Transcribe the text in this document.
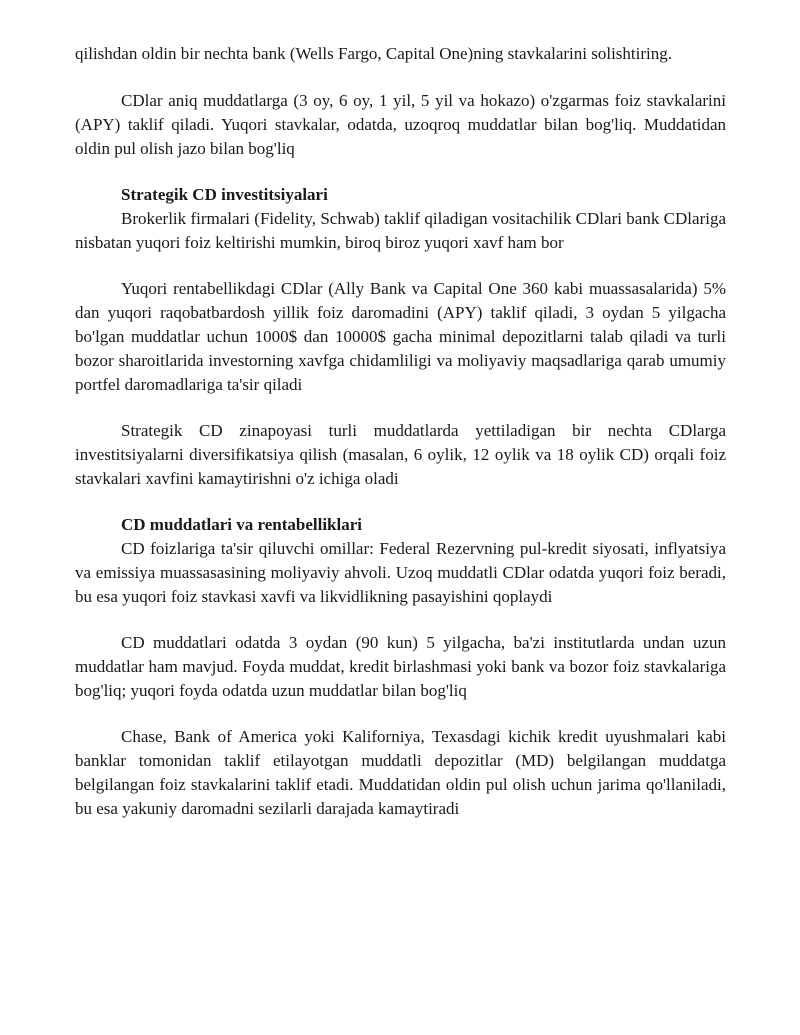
qilishdan oldin bir nechta bank (Wells Fargo, Capital One)ning stavkalarini solishtiring.

CDlar aniq muddatlarga (3 oy, 6 oy, 1 yil, 5 yil va hokazo) o'zgarmas foiz stavkalarini (APY) taklif qiladi. Yuqori stavkalar, odatda, uzoqroq muddatlar bilan bog'liq. Muddatidan oldin pul olish jazo bilan bog'liq

Strategik CD investitsiyalari

Brokerlik firmalari (Fidelity, Schwab) taklif qiladigan vositachilik CDlari bank CDlariga nisbatan yuqori foiz keltirishi mumkin, biroq biroz yuqori xavf ham bor

Yuqori rentabellikdagi CDlar (Ally Bank va Capital One 360 kabi muassasalarida) 5% dan yuqori raqobatbardosh yillik foiz daromadini (APY) taklif qiladi, 3 oydan 5 yilgacha bo'lgan muddatlar uchun 1000$ dan 10000$ gacha minimal depozitlarni talab qiladi va turli bozor sharoitlarida investorning xavfga chidamliligi va moliyaviy maqsadlariga qarab umumiy portfel daromadlariga ta'sir qiladi

Strategik CD zinapoyasi turli muddatlarda yettiladigan bir nechta CDlarga investitsiyalarni diversifikatsiya qilish (masalan, 6 oylik, 12 oylik va 18 oylik CD) orqali foiz stavkalari xavfini kamaytirishni o'z ichiga oladi

CD muddatlari va rentabelliklari

CD foizlariga ta'sir qiluvchi omillar: Federal Rezervning pul-kredit siyosati, inflyatsiya va emissiya muassasasining moliyaviy ahvoli. Uzoq muddatli CDlar odatda yuqori foiz beradi, bu esa yuqori foiz stavkasi xavfi va likvidlikning pasayishini qoplaydi

CD muddatlari odatda 3 oydan (90 kun) 5 yilgacha, ba'zi institutlarda undan uzun muddatlar ham mavjud. Foyda muddat, kredit birlashmasi yoki bank va bozor foiz stavkalariga bog'liq; yuqori foyda odatda uzun muddatlar bilan bog'liq

Chase, Bank of America yoki Kaliforniya, Texasdagi kichik kredit uyushmalari kabi banklar tomonidan taklif etilayotgan muddatli depozitlar (MD) belgilangan muddatga belgilangan foiz stavkalarini taklif etadi. Muddatidan oldin pul olish uchun jarima qo'llaniladi, bu esa yakuniy daromadni sezilarli darajada kamaytiradi
